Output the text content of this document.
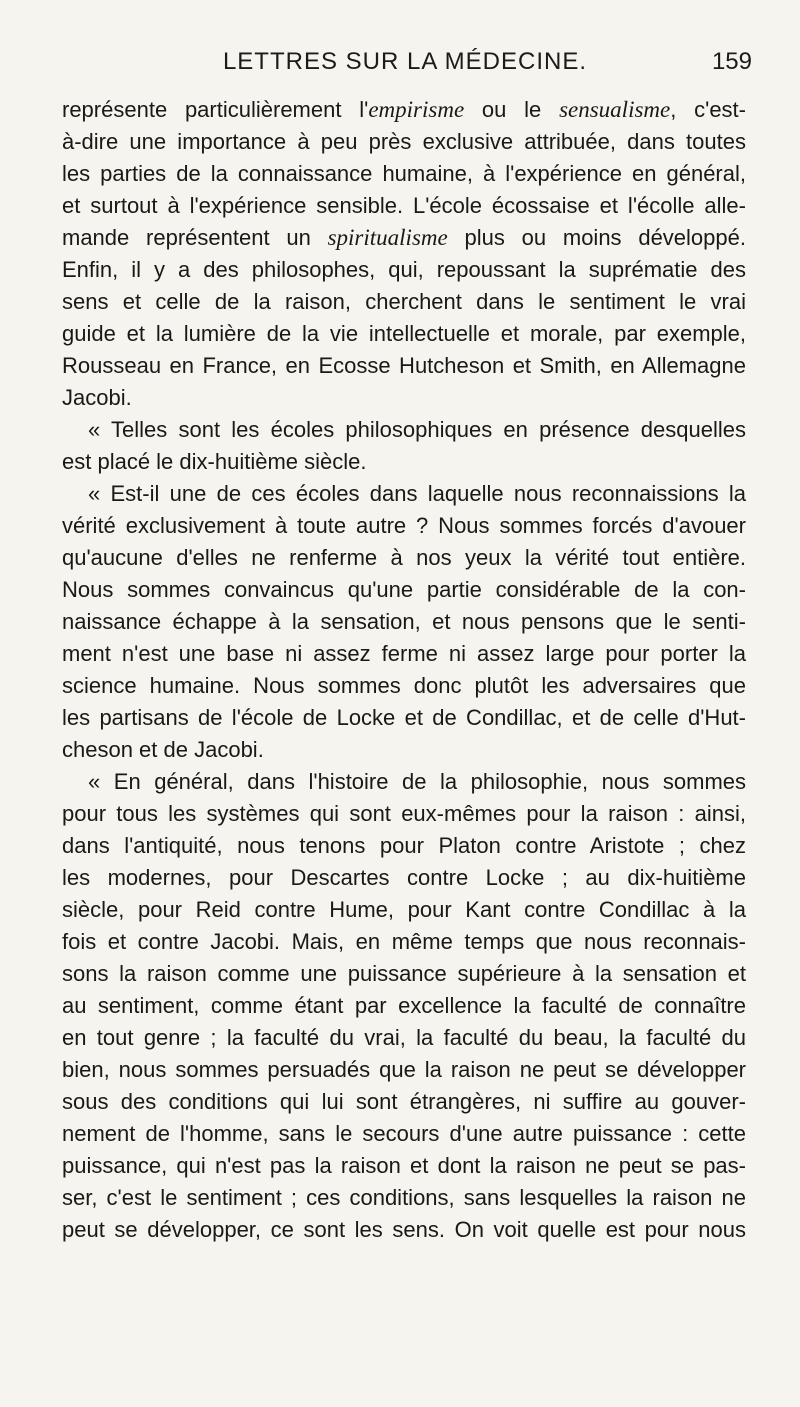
LETTRES SUR LA MÉDECINE.	159
représente particulièrement l'empirisme ou le sensualisme, c'est-
à-dire une importance à peu près exclusive attribuée, dans toutes
les parties de la connaissance humaine, à l'expérience en général,
et surtout à l'expérience sensible. L'école écossaise et l'écolle alle-
mande représentent un spiritualisme plus ou moins développé.
Enfin, il y a des philosophes, qui, repoussant la suprématie des
sens et celle de la raison, cherchent dans le sentiment le vrai
guide et la lumière de la vie intellectuelle et morale, par exemple,
Rousseau en France, en Ecosse Hutcheson et Smith, en Allemagne
Jacobi.
« Telles sont les écoles philosophiques en présence desquelles
est placé le dix-huitième siècle.
« Est-il une de ces écoles dans laquelle nous reconnaissions la
vérité exclusivement à toute autre ? Nous sommes forcés d'avouer
qu'aucune d'elles ne renferme à nos yeux la vérité tout entière.
Nous sommes convaincus qu'une partie considérable de la con-
naissance échappe à la sensation, et nous pensons que le senti-
ment n'est une base ni assez ferme ni assez large pour porter la
science humaine. Nous sommes donc plutôt les adversaires que
les partisans de l'école de Locke et de Condillac, et de celle d'Hut-
cheson et de Jacobi.
« En général, dans l'histoire de la philosophie, nous sommes
pour tous les systèmes qui sont eux-mêmes pour la raison : ainsi,
dans l'antiquité, nous tenons pour Platon contre Aristote ; chez
les modernes, pour Descartes contre Locke ; au dix-huitième
siècle, pour Reid contre Hume, pour Kant contre Condillac à la
fois et contre Jacobi. Mais, en même temps que nous reconnais-
sons la raison comme une puissance supérieure à la sensation et
au sentiment, comme étant par excellence la faculté de connaître
en tout genre ; la faculté du vrai, la faculté du beau, la faculté du
bien, nous sommes persuadés que la raison ne peut se développer
sous des conditions qui lui sont étrangères, ni suffire au gouver-
nement de l'homme, sans le secours d'une autre puissance : cette
puissance, qui n'est pas la raison et dont la raison ne peut se pas-
ser, c'est le sentiment ; ces conditions, sans lesquelles la raison ne
peut se développer, ce sont les sens. On voit quelle est pour nous
